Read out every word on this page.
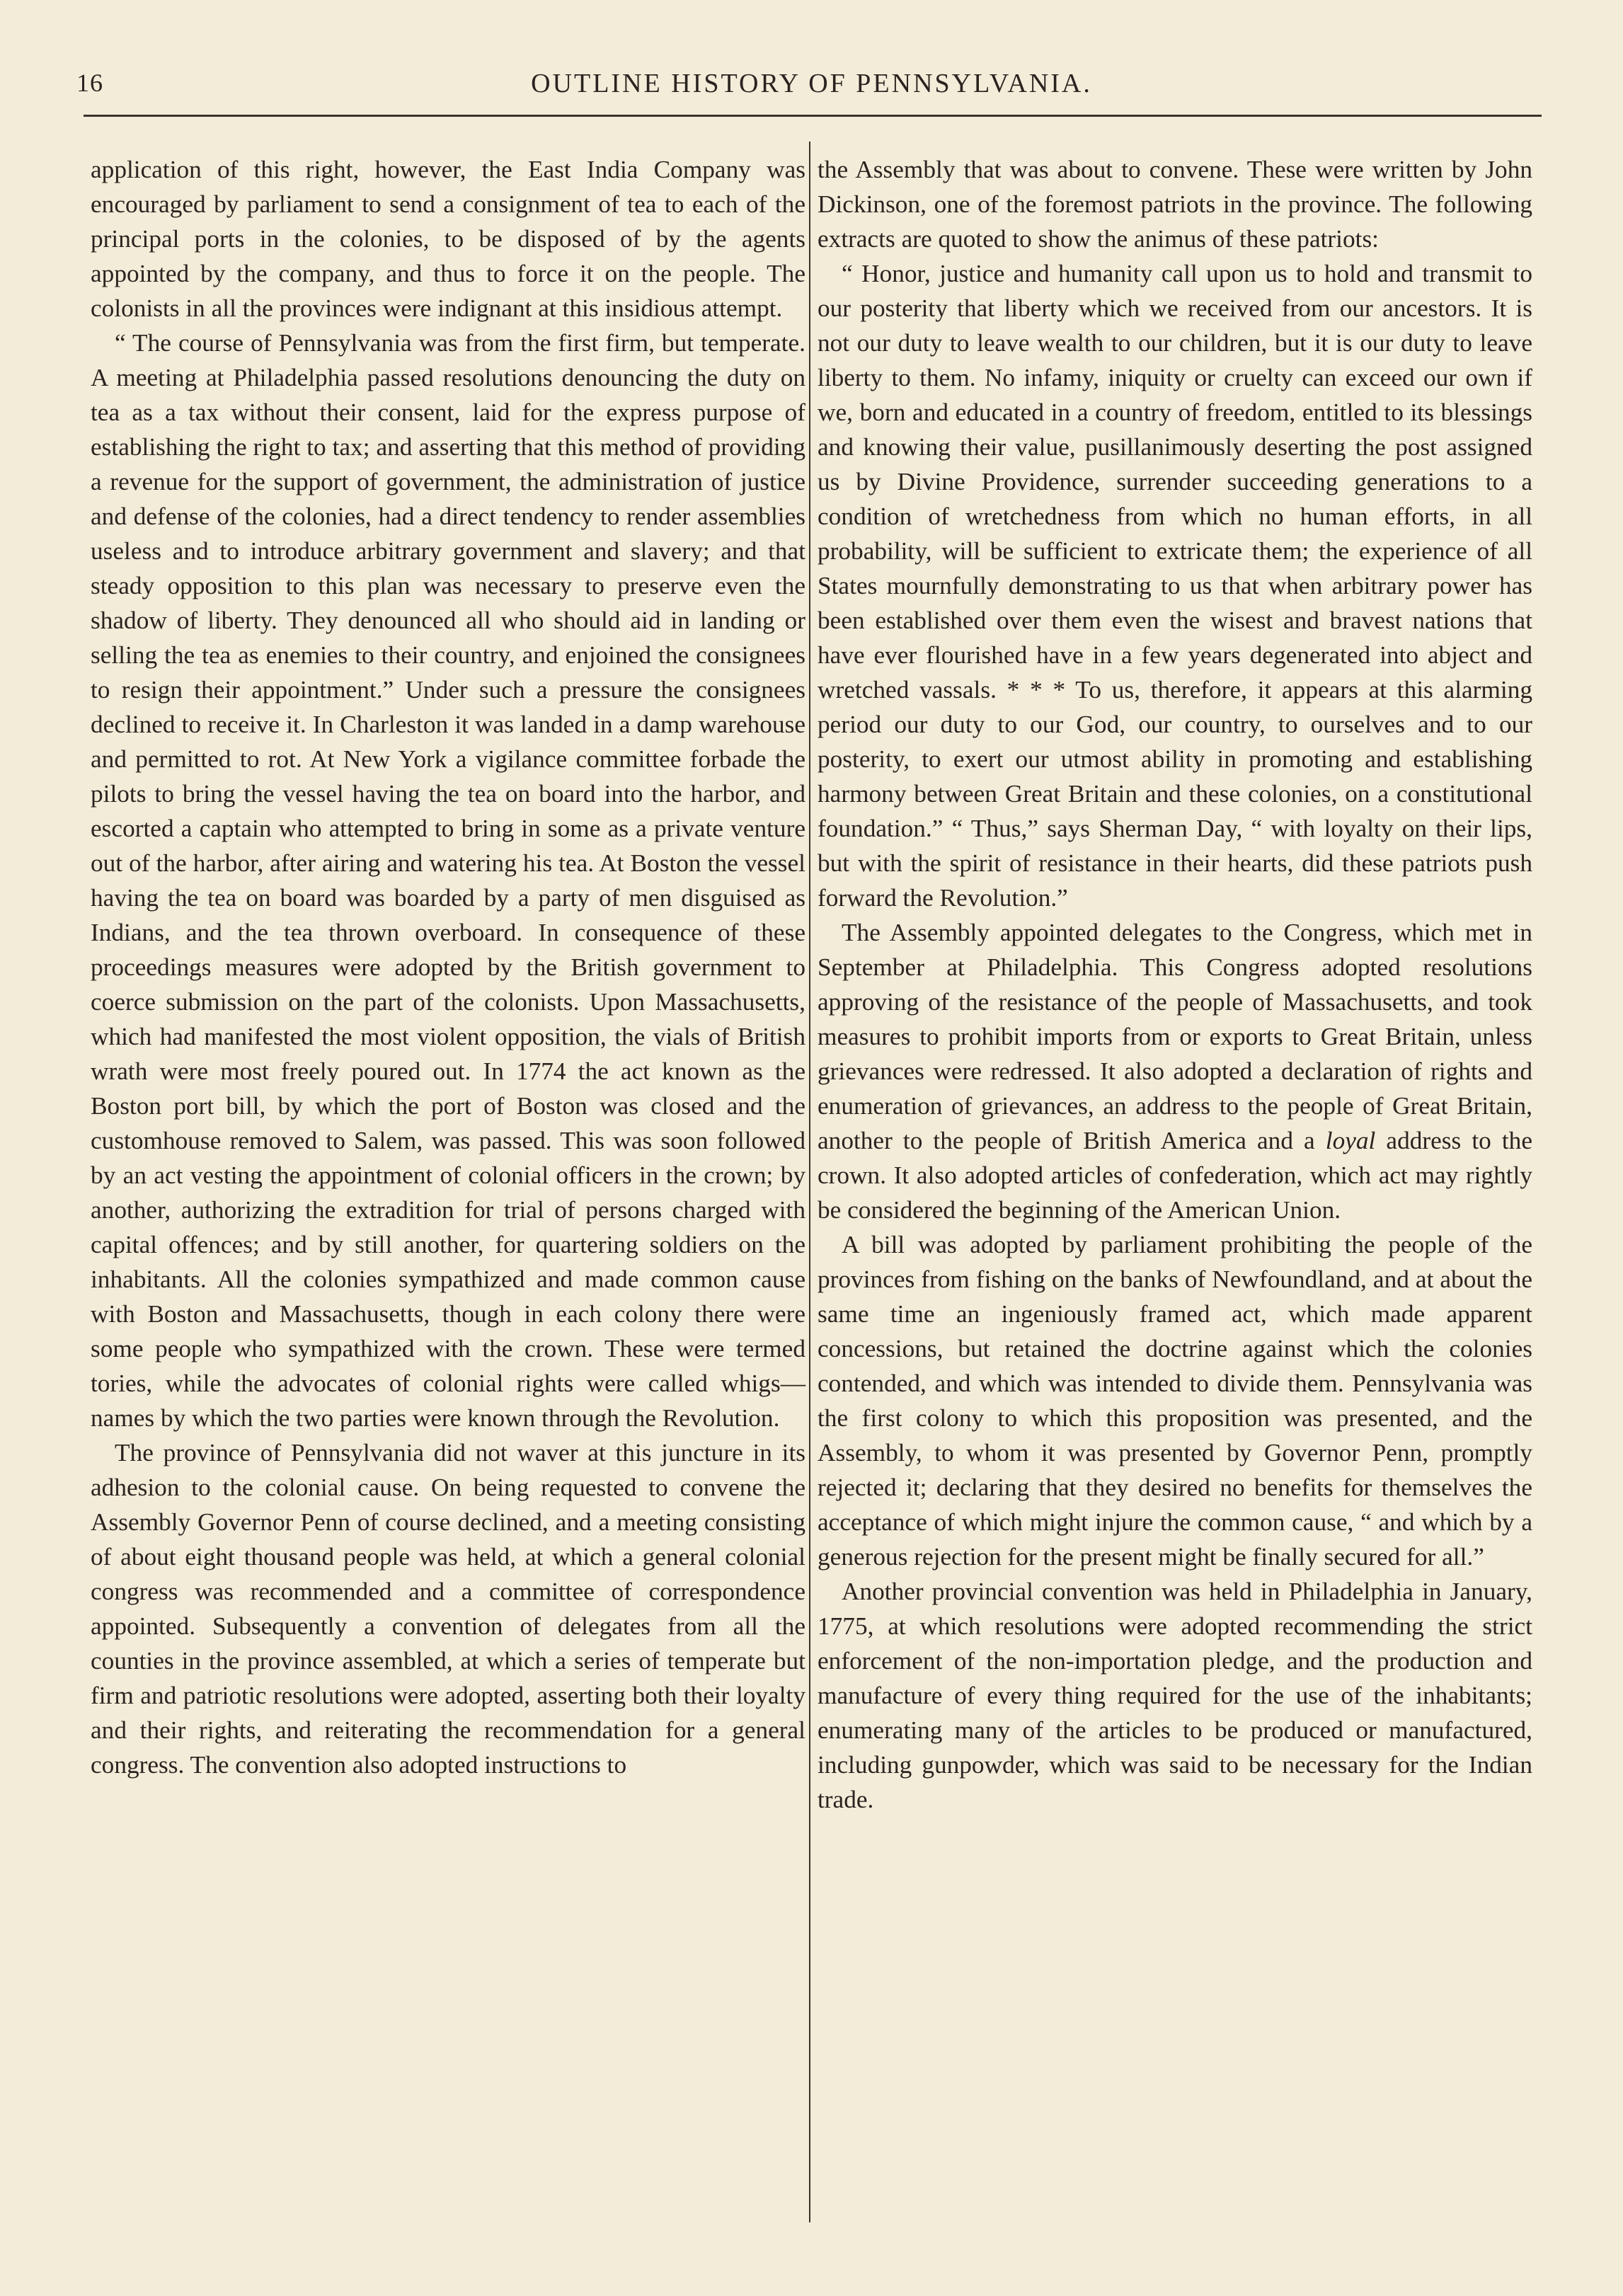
16	OUTLINE HISTORY OF PENNSYLVANIA.

application of this right, however, the East India Company was encouraged by parliament to send a consignment of tea to each of the principal ports in the colonies, to be disposed of by the agents appointed by the company, and thus to force it on the people. The colonists in all the provinces were indignant at this insidious attempt.

“ The course of Pennsylvania was from the first firm, but temperate. A meeting at Philadelphia passed resolutions denouncing the duty on tea as a tax without their consent, laid for the express purpose of establishing the right to tax; and asserting that this method of providing a revenue for the support of government, the administration of justice and defense of the colonies, had a direct tendency to render assemblies useless and to introduce arbitrary government and slavery; and that steady opposition to this plan was necessary to preserve even the shadow of liberty. They denounced all who should aid in landing or selling the tea as enemies to their country, and enjoined the consignees to resign their appointment.” Under such a pressure the consignees declined to receive it. In Charleston it was landed in a damp warehouse and permitted to rot. At New York a vigilance committee forbade the pilots to bring the vessel having the tea on board into the harbor, and escorted a captain who attempted to bring in some as a private venture out of the harbor, after airing and watering his tea. At Boston the vessel having the tea on board was boarded by a party of men disguised as Indians, and the tea thrown overboard. In consequence of these proceedings measures were adopted by the British government to coerce submission on the part of the colonists. Upon Massachusetts, which had manifested the most violent opposition, the vials of British wrath were most freely poured out. In 1774 the act known as the Boston port bill, by which the port of Boston was closed and the customhouse removed to Salem, was passed. This was soon followed by an act vesting the appointment of colonial officers in the crown; by another, authorizing the extradition for trial of persons charged with capital offences; and by still another, for quartering soldiers on the inhabitants. All the colonies sympathized and made common cause with Boston and Massachusetts, though in each colony there were some people who sympathized with the crown. These were termed tories, while the advocates of colonial rights were called whigs—names by which the two parties were known through the Revolution.

The province of Pennsylvania did not waver at this juncture in its adhesion to the colonial cause. On being requested to convene the Assembly Governor Penn of course declined, and a meeting consisting of about eight thousand people was held, at which a general colonial congress was recommended and a committee of correspondence appointed. Subsequently a convention of delegates from all the counties in the province assembled, at which a series of temperate but firm and patriotic resolutions were adopted, asserting both their loyalty and their rights, and reiterating the recommendation for a general congress. The convention also adopted instructions to

the Assembly that was about to convene. These were written by John Dickinson, one of the foremost patriots in the province. The following extracts are quoted to show the animus of these patriots:

“ Honor, justice and humanity call upon us to hold and transmit to our posterity that liberty which we received from our ancestors. It is not our duty to leave wealth to our children, but it is our duty to leave liberty to them. No infamy, iniquity or cruelty can exceed our own if we, born and educated in a country of freedom, entitled to its blessings and knowing their value, pusillanimously deserting the post assigned us by Divine Providence, surrender succeeding generations to a condition of wretchedness from which no human efforts, in all probability, will be sufficient to extricate them; the experience of all States mournfully demonstrating to us that when arbitrary power has been established over them even the wisest and bravest nations that have ever flourished have in a few years degenerated into abject and wretched vassals. * * * To us, therefore, it appears at this alarming period our duty to our God, our country, to ourselves and to our posterity, to exert our utmost ability in promoting and establishing harmony between Great Britain and these colonies, on a constitutional foundation.” “ Thus,” says Sherman Day, “ with loyalty on their lips, but with the spirit of resistance in their hearts, did these patriots push forward the Revolution.”

The Assembly appointed delegates to the Congress, which met in September at Philadelphia. This Congress adopted resolutions approving of the resistance of the people of Massachusetts, and took measures to prohibit imports from or exports to Great Britain, unless grievances were redressed. It also adopted a declaration of rights and enumeration of grievances, an address to the people of Great Britain, another to the people of British America and a loyal address to the crown. It also adopted articles of confederation, which act may rightly be considered the beginning of the American Union.

A bill was adopted by parliament prohibiting the people of the provinces from fishing on the banks of Newfoundland, and at about the same time an ingeniously framed act, which made apparent concessions, but retained the doctrine against which the colonies contended, and which was intended to divide them. Pennsylvania was the first colony to which this proposition was presented, and the Assembly, to whom it was presented by Governor Penn, promptly rejected it; declaring that they desired no benefits for themselves the acceptance of which might injure the common cause, “ and which by a generous rejection for the present might be finally secured for all.”

Another provincial convention was held in Philadelphia in January, 1775, at which resolutions were adopted recommending the strict enforcement of the non-importation pledge, and the production and manufacture of every thing required for the use of the inhabitants; enumerating many of the articles to be produced or manufactured, including gunpowder, which was said to be necessary for the Indian trade.
